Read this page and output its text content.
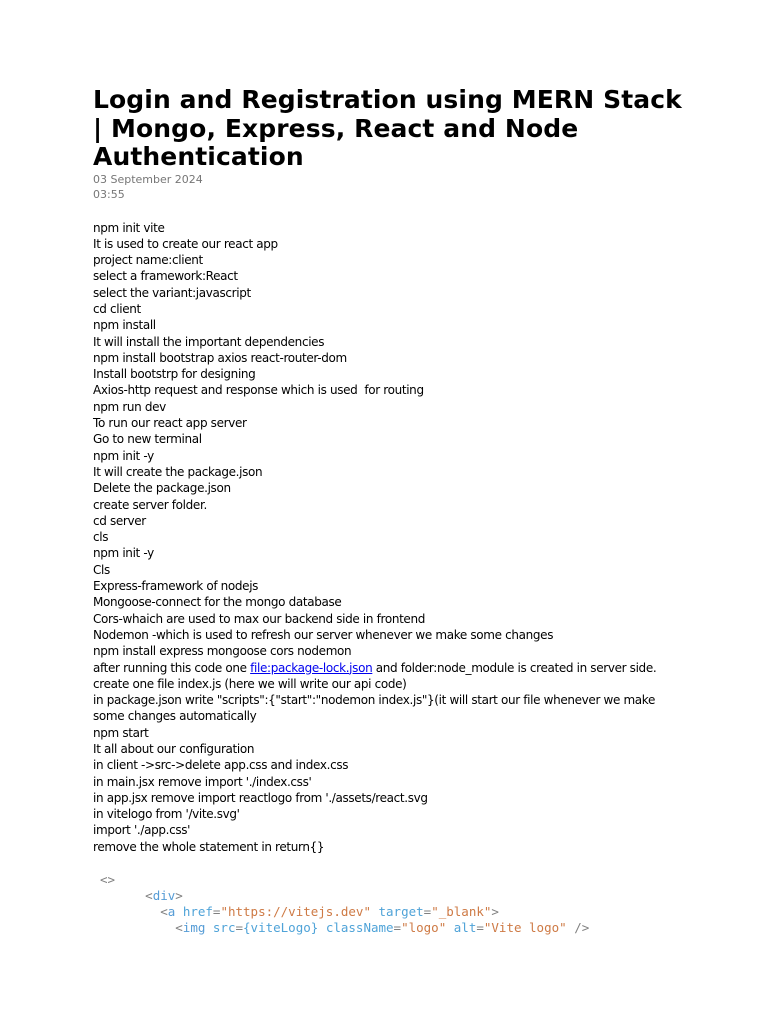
Login and Registration using MERN Stack | Mongo, Express, React and Node Authentication
03 September 2024
03:55
npm init vite
It is used to create our react app
project name:client
select a framework:React
select the variant:javascript
cd client
npm install
It will install the important dependencies
npm install bootstrap axios react-router-dom
Install bootstrp for designing
Axios-http request and response which is used  for routing
npm run dev
To run our react app server
Go to new terminal
npm init -y
It will create the package.json
Delete the package.json
create server folder.
cd server
cls
npm init -y
Cls
Express-framework of nodejs
Mongoose-connect for the mongo database
Cors-whaich are used to max our backend side in frontend
Nodemon -which is used to refresh our server whenever we make some changes
npm install express mongoose cors nodemon
after running this code one file:package-lock.json and folder:node_module is created in server side.
create one file index.js (here we will write our api code)
in package.json write "scripts":{"start":"nodemon index.js"}(it will start our file whenever we make
some changes automatically
npm start
It all about our configuration
in client ->src->delete app.css and index.css
in main.jsx remove import './index.css'
in app.jsx remove import reactlogo from './assets/react.svg
in vitelogo from '/vite.svg'
import './app.css'
remove the whole statement in return{}
<>
<div>
<a href="https://vitejs.dev" target="_blank">
<img src={viteLogo} className="logo" alt="Vite logo" />
